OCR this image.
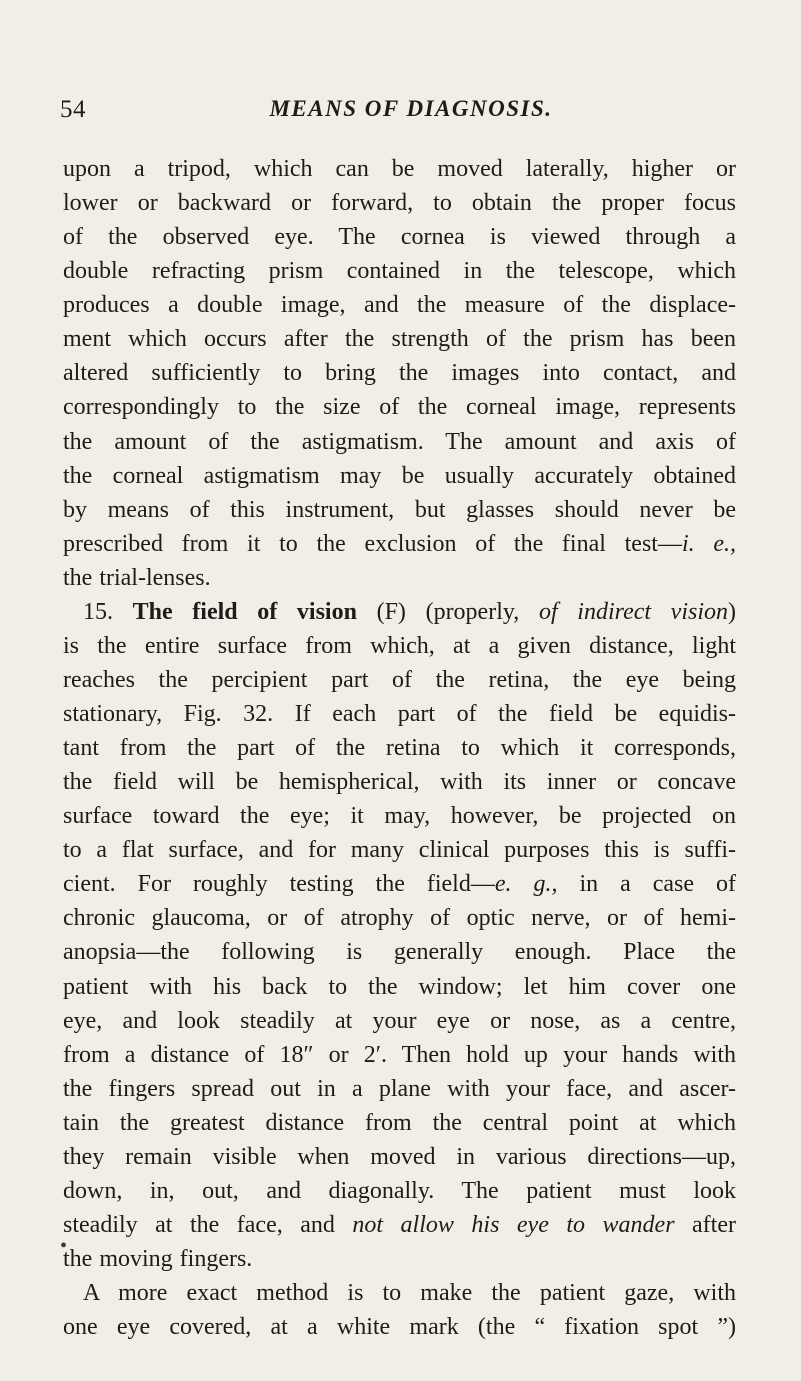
54	MEANS OF DIAGNOSIS.
upon a tripod, which can be moved laterally, higher or
lower or backward or forward, to obtain the proper focus
of the observed eye. The cornea is viewed through a
double refracting prism contained in the telescope, which
produces a double image, and the measure of the displace-
ment which occurs after the strength of the prism has been
altered sufficiently to bring the images into contact, and
correspondingly to the size of the corneal image, represents
the amount of the astigmatism. The amount and axis of
the corneal astigmatism may be usually accurately obtained
by means of this instrument, but glasses should never be
prescribed from it to the exclusion of the final test—i. e.,
the trial-lenses.
15. The field of vision (F) (properly, of indirect vision)
is the entire surface from which, at a given distance, light
reaches the percipient part of the retina, the eye being
stationary, Fig. 32. If each part of the field be equidis-
tant from the part of the retina to which it corresponds,
the field will be hemispherical, with its inner or concave
surface toward the eye; it may, however, be projected on
to a flat surface, and for many clinical purposes this is suffi-
cient. For roughly testing the field—e. g., in a case of
chronic glaucoma, or of atrophy of optic nerve, or of hemi-
anopsia—the following is generally enough. Place the
patient with his back to the window; let him cover one
eye, and look steadily at your eye or nose, as a centre,
from a distance of 18″ or 2′. Then hold up your hands with
the fingers spread out in a plane with your face, and ascer-
tain the greatest distance from the central point at which
they remain visible when moved in various directions—up,
down, in, out, and diagonally. The patient must look
steadily at the face, and not allow his eye to wander after
the moving fingers.
A more exact method is to make the patient gaze, with
one eye covered, at a white mark (the “ fixation spot ”)
•
